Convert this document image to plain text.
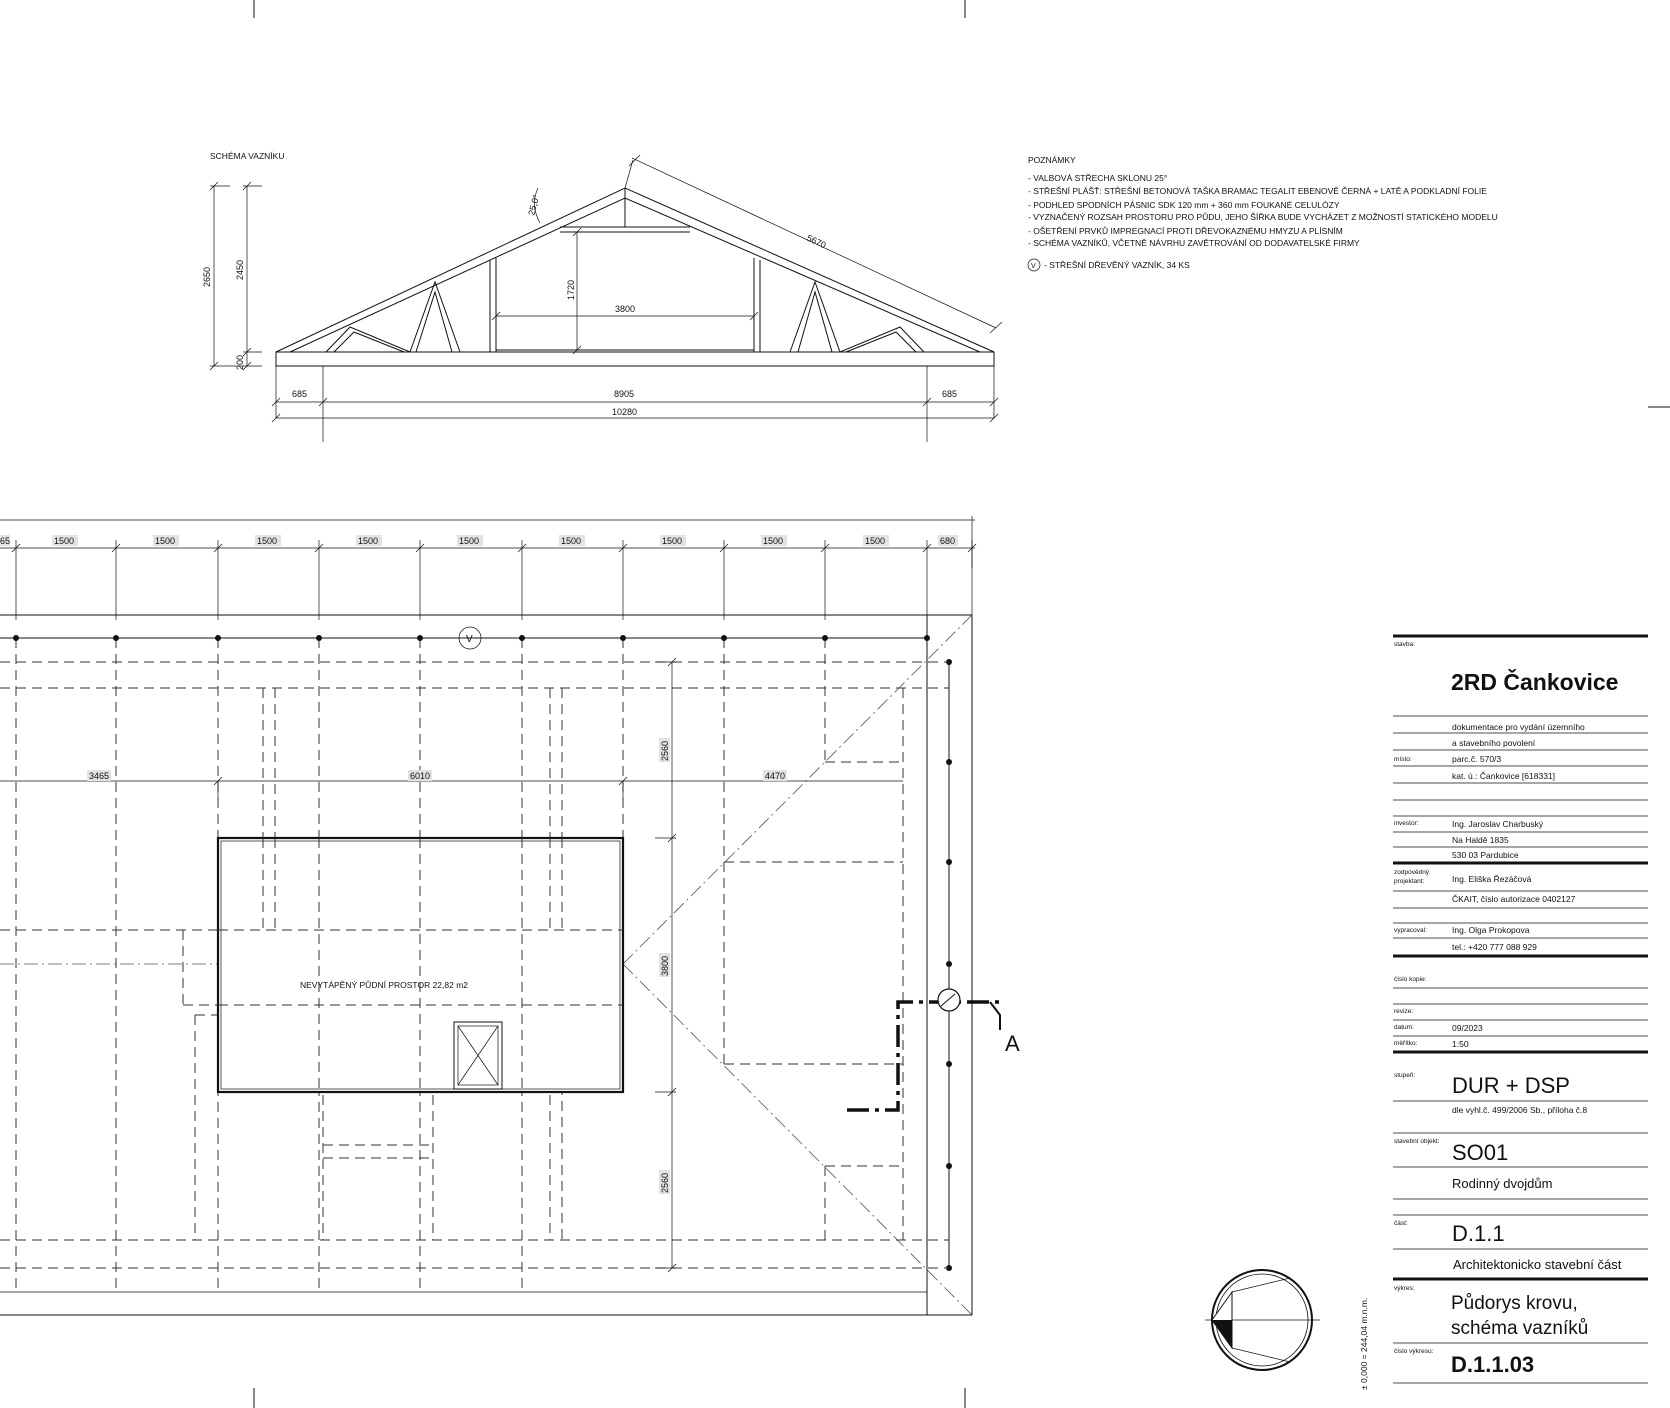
SCHÉMA VAZNÍKU
2650	2450
200
5670
25,0°
1720
3800
685	8905	685
10280
POZNÁMKY
- VALBOVÁ STŘECHA SKLONU 25°
- STŘEŠNÍ PLÁŠŤ: STŘEŠNÍ BETONOVÁ TAŠKA BRAMAC TEGALIT EBENOVĚ ČERNÁ + LATĚ A PODKLADNÍ FOLIE
- PODHLED SPODNÍCH PÁSNIC SDK 120 mm + 360 mm FOUKANÉ CELULÓZY
- VYZNAČENÝ ROZSAH PROSTORU PRO PŮDU, JEHO ŠÍŘKA BUDE VYCHÁZET Z MOŽNOSTÍ STATICKÉHO MODELU
- OŠETŘENÍ PRVKŮ IMPREGNACÍ PROTI DŘEVOKAZNÉMU HMYZU A PLÍSNÍM
- SCHÉMA VAZNÍKŮ, VČETNĚ NÁVRHU ZAVĚTROVÁNÍ OD DODAVATELSKÉ FIRMY
V - STŘEŠNÍ DŘEVĚNÝ VAZNÍK, 34 KS
65	1500	1500	1500	1500	1500	1500	1500	1500	1500	680
V
3465	6010	4470
2560
3800
2560
NEVYTÁPĚNÝ PŮDNÍ PROSTOR 22,82 m2
A
± 0,000 = 244,04 m.n.m.
stavba:
2RD Čankovice
dokumentace pro vydání územního
a stavebního povolení
místo:	parc.č. 570/3
kat. ú.: Čankovice [618331]
investor:	Ing. Jaroslav Charbuský
Na Haldě 1835
530 03 Pardubice
zodpovědný
projektant:	Ing. Eliška Řezáčová
ČKAIT, číslo autorizace 0402127
vypracoval:	Ing. Olga Prokopova
tel.: +420 777 088 929
číslo kopie:
revize:
datum:	09/2023
měřítko:	1:50
stupeň: DUR + DSP
dle vyhl.č. 499/2006 Sb., příloha č.8
stavební objekt: SO01
Rodinný dvojdům
část: D.1.1
Architektonicko stavební část
výkres:
Půdorys krovu,
schéma vazníků
číslo výkresu:
D.1.1.03
